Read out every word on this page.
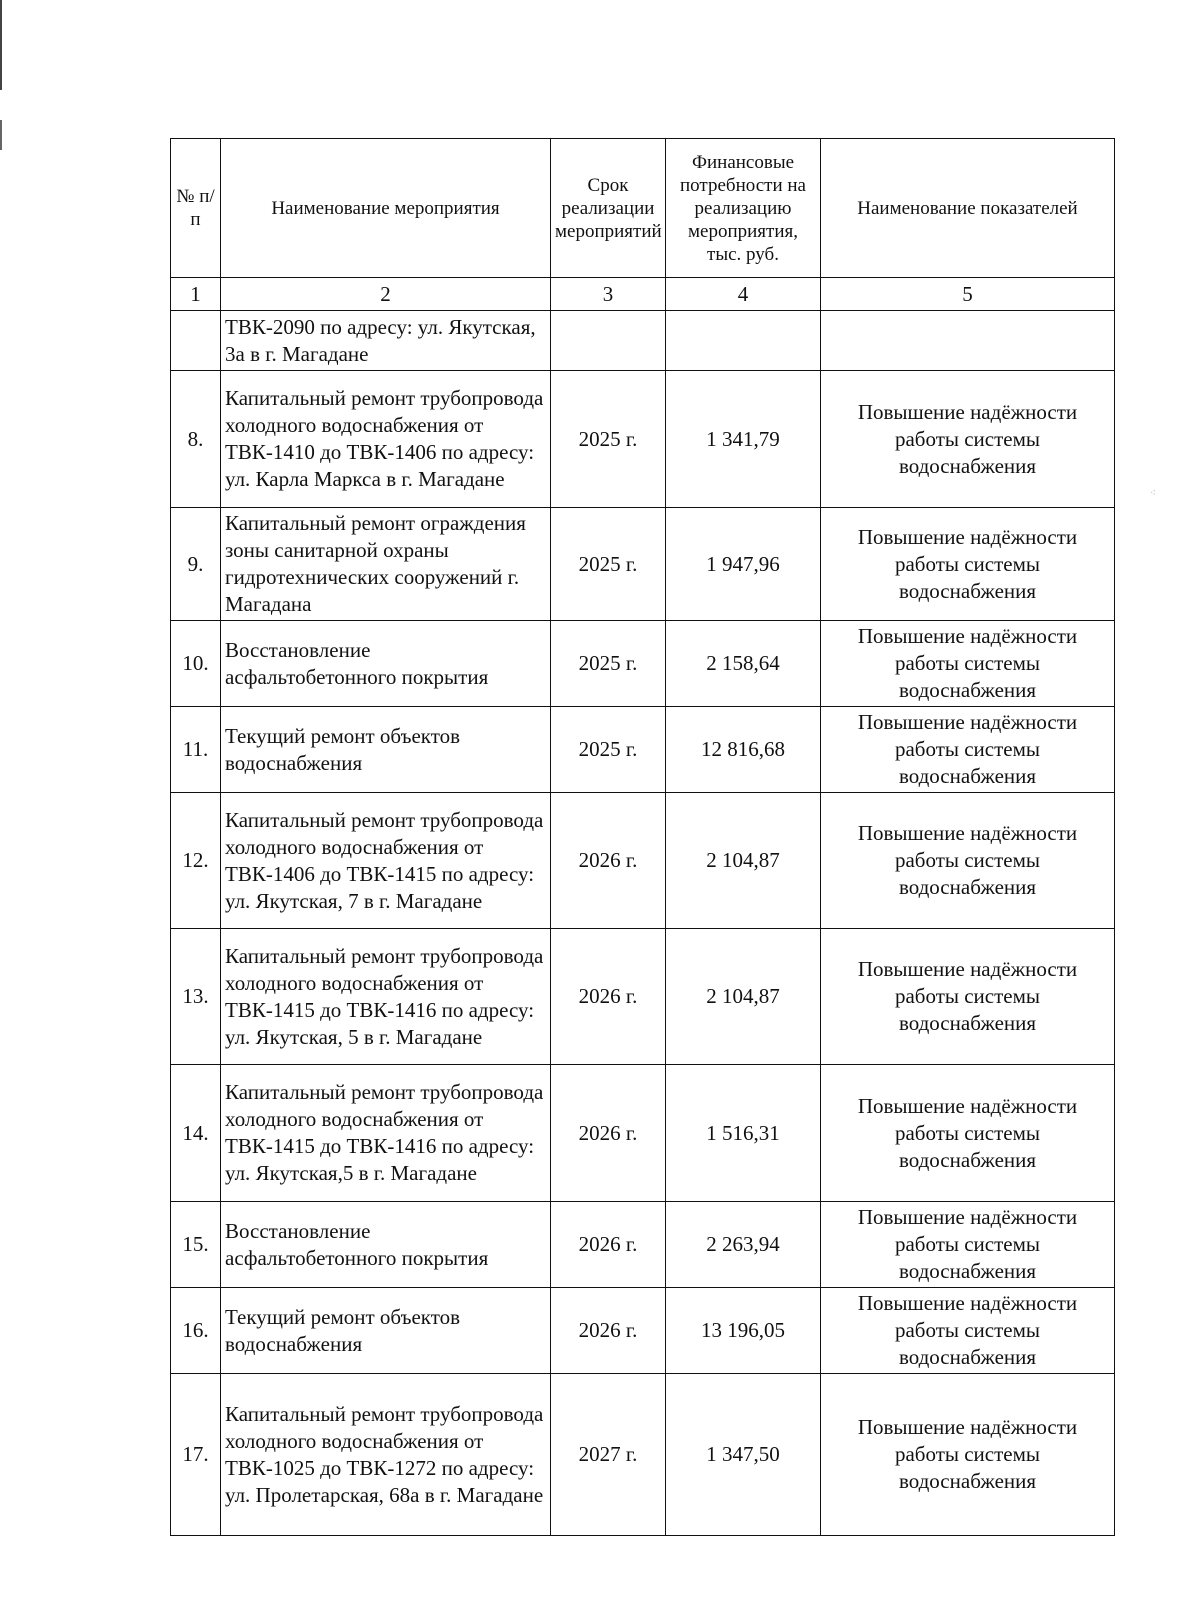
⁖
№ п/п	Наименование мероприятия	Срок реализации мероприятий	Финансовые потребности на реализацию мероприятия, тыс. руб.	Наименование показателей
1	2	3	4	5
	ТВК-2090 по адресу: ул. Якутская, 3а в г. Магадане			
8.	Капитальный ремонт трубопровода холодного водоснабжения от ТВК-1410 до ТВК-1406 по адресу: ул. Карла Маркса в г. Магадане	2025 г.	1 341,79	Повышение надёжности работы системы водоснабжения
9.	Капитальный ремонт ограждения зоны санитарной охраны гидротехнических сооружений г. Магадана	2025 г.	1 947,96	Повышение надёжности работы системы водоснабжения
10.	Восстановление асфальтобетонного покрытия	2025 г.	2 158,64	Повышение надёжности работы системы водоснабжения
11.	Текущий ремонт объектов водоснабжения	2025 г.	12 816,68	Повышение надёжности работы системы водоснабжения
12.	Капитальный ремонт трубопровода холодного водоснабжения от ТВК-1406 до ТВК-1415 по адресу: ул. Якутская, 7 в г. Магадане	2026 г.	2 104,87	Повышение надёжности работы системы водоснабжения
13.	Капитальный ремонт трубопровода холодного водоснабжения от ТВК-1415 до ТВК-1416 по адресу: ул. Якутская, 5 в г. Магадане	2026 г.	2 104,87	Повышение надёжности работы системы водоснабжения
14.	Капитальный ремонт трубопровода холодного водоснабжения от ТВК-1415 до ТВК-1416 по адресу: ул. Якутская,5 в г. Магадане	2026 г.	1 516,31	Повышение надёжности работы системы водоснабжения
15.	Восстановление асфальтобетонного покрытия	2026 г.	2 263,94	Повышение надёжности работы системы водоснабжения
16.	Текущий ремонт объектов водоснабжения	2026 г.	13 196,05	Повышение надёжности работы системы водоснабжения
17.	Капитальный ремонт трубопровода холодного водоснабжения от ТВК-1025 до ТВК-1272 по адресу: ул. Пролетарская, 68а в г. Магадане	2027 г.	1 347,50	Повышение надёжности работы системы водоснабжения
